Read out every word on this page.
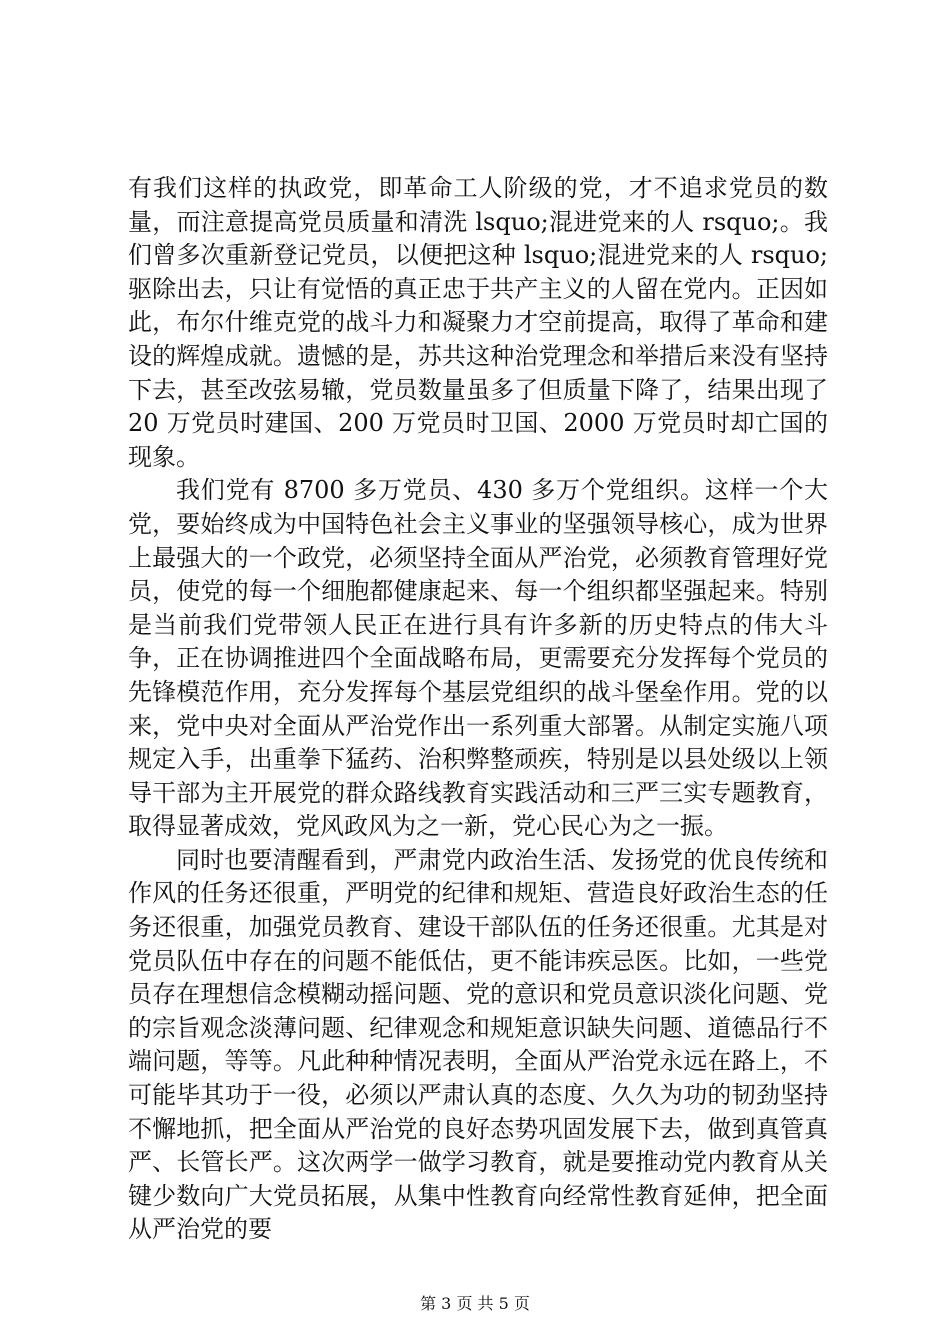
有我们这样的执政党，即革命工人阶级的党，才不追求党员的数量，而注意提高党员质量和清洗 lsquo;混进党来的人 rsquo;。我们曾多次重新登记党员，以便把这种 lsquo;混进党来的人 rsquo;驱除出去，只让有觉悟的真正忠于共产主义的人留在党内。正因如此，布尔什维克党的战斗力和凝聚力才空前提高，取得了革命和建设的辉煌成就。遗憾的是，苏共这种治党理念和举措后来没有坚持下去，甚至改弦易辙，党员数量虽多了但质量下降了，结果出现了 20 万党员时建国、200 万党员时卫国、2000 万党员时却亡国的现象。

我们党有 8700 多万党员、430 多万个党组织。这样一个大党，要始终成为中国特色社会主义事业的坚强领导核心，成为世界上最强大的一个政党，必须坚持全面从严治党，必须教育管理好党员，使党的每一个细胞都健康起来、每一个组织都坚强起来。特别是当前我们党带领人民正在进行具有许多新的历史特点的伟大斗争，正在协调推进四个全面战略布局，更需要充分发挥每个党员的先锋模范作用，充分发挥每个基层党组织的战斗堡垒作用。党的以来，党中央对全面从严治党作出一系列重大部署。从制定实施八项规定入手，出重拳下猛药、治积弊整顽疾，特别是以县处级以上领导干部为主开展党的群众路线教育实践活动和三严三实专题教育，取得显著成效，党风政风为之一新，党心民心为之一振。

同时也要清醒看到，严肃党内政治生活、发扬党的优良传统和作风的任务还很重，严明党的纪律和规矩、营造良好政治生态的任务还很重，加强党员教育、建设干部队伍的任务还很重。尤其是对党员队伍中存在的问题不能低估，更不能讳疾忌医。比如，一些党员存在理想信念模糊动摇问题、党的意识和党员意识淡化问题、党的宗旨观念淡薄问题、纪律观念和规矩意识缺失问题、道德品行不端问题，等等。凡此种种情况表明，全面从严治党永远在路上，不可能毕其功于一役，必须以严肃认真的态度、久久为功的韧劲坚持不懈地抓，把全面从严治党的良好态势巩固发展下去，做到真管真严、长管长严。这次两学一做学习教育，就是要推动党内教育从关键少数向广大党员拓展，从集中性教育向经常性教育延伸，把全面从严治党的要

第 3 页 共 5 页
